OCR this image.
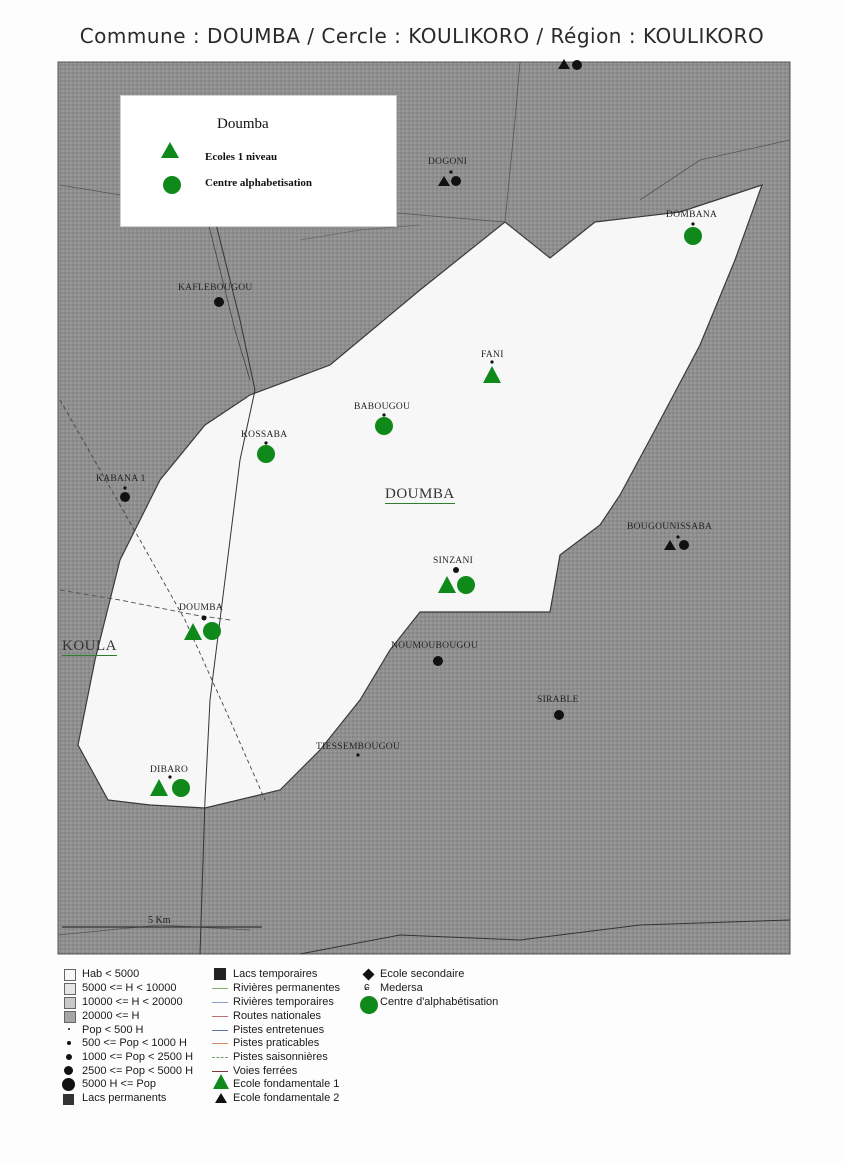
Commune : DOUMBA / Cercle : KOULIKORO / Région : KOULIKORO
Doumba
Ecoles 1 niveau
Centre alphabetisation
DOGONI
DOMBANA
KAFLEBOUGOU
FANI
BABOUGOU
KOSSABA
KABANA 1
BOUGOUNISSABA
SINZANI
DOUMBA
NOUMOUBOUGOU
SIRABLE
TIESSEMBOUGOU
DIBARO
DOUMBA
KOULA
5 Km
Hab < 5000
5000 <= H < 10000
10000 <= H < 20000
20000 <= H
Pop < 500 H
500 <= Pop < 1000 H
1000 <= Pop < 2500 H
2500 <= Pop < 5000 H
5000 H <= Pop
Lacs permanents
Lacs temporaires
Rivières permanentes
Rivières temporaires
Routes nationales
Pistes entretenues
Pistes praticables
Pistes saisonnières
Voies ferrées
Ecole fondamentale 1
Ecole fondamentale 2
ɕ
Ecole secondaire
Medersa
Centre d'alphabétisation
